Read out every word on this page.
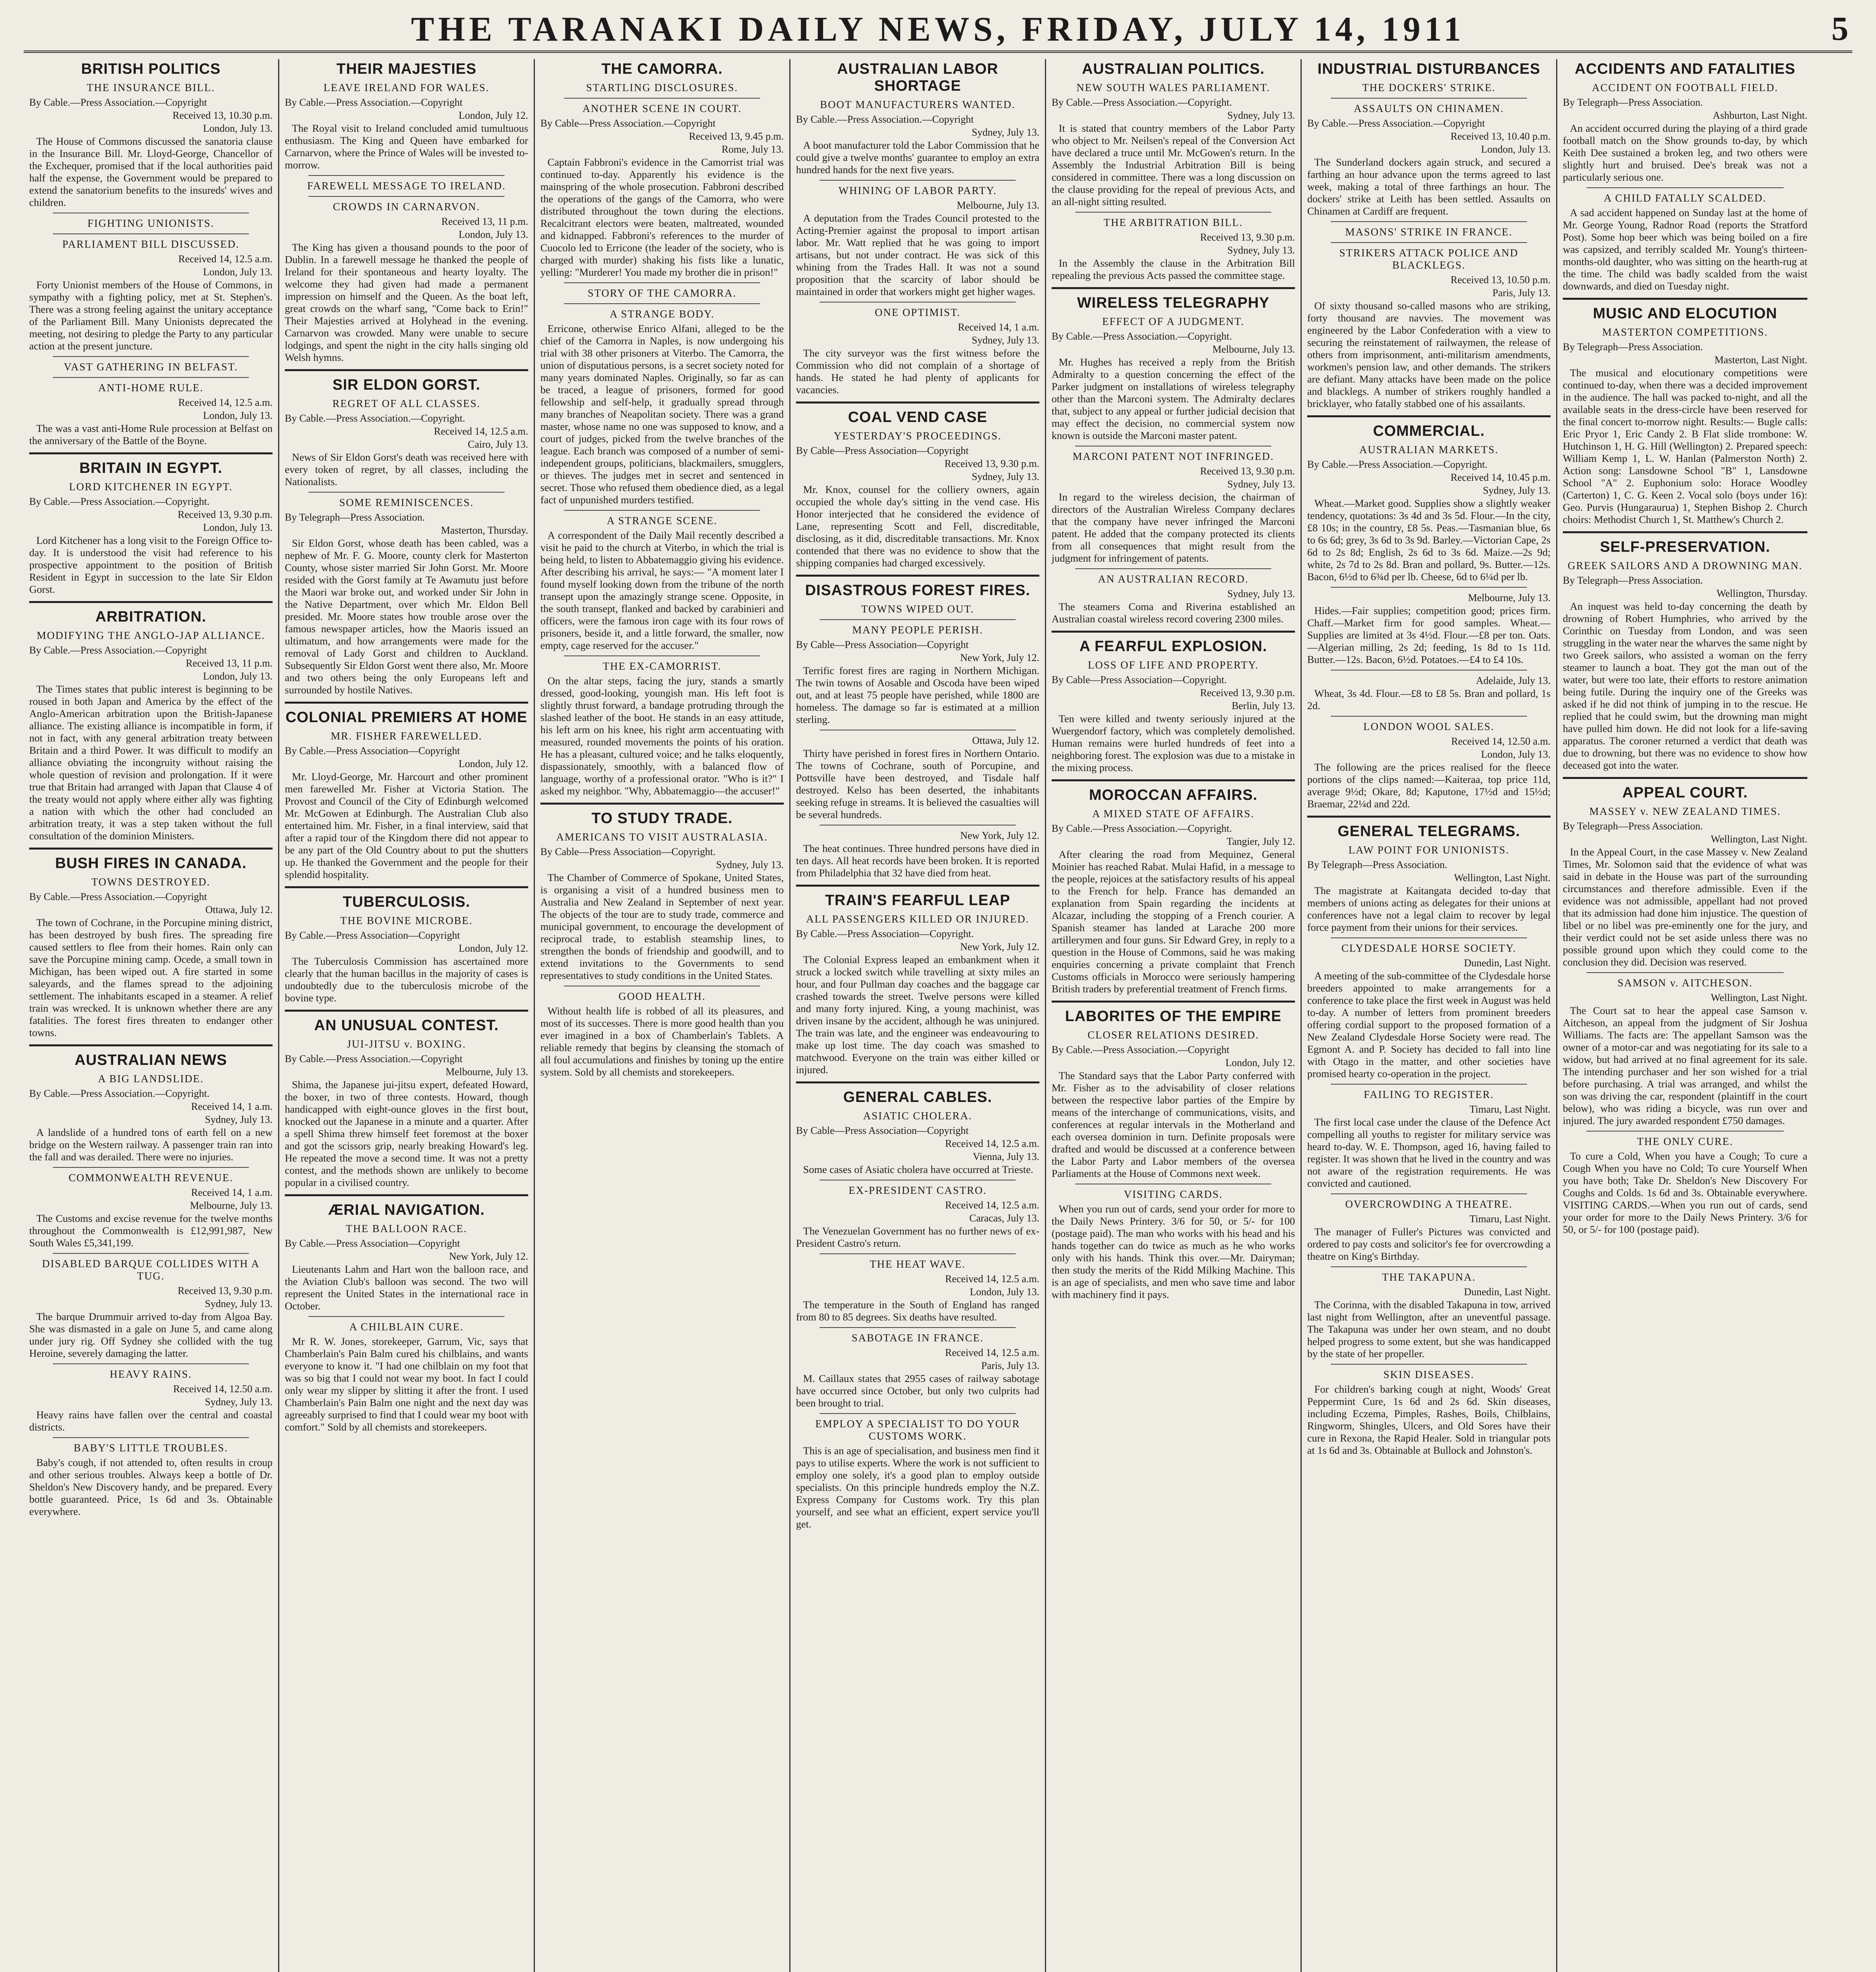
THE TARANAKI DAILY NEWS, FRIDAY, JULY 14, 1911	5
BRITISH POLITICS
THE INSURANCE BILL.
By Cable.—Press Association.—Copyright
Received 13, 10.30 p.m.
London, July 13.

The House of Commons discussed the sanatoria clause in the Insurance Bill. Mr. Lloyd-George, Chancellor of the Exchequer, promised that if the local authorities paid half the expense, the Government would be prepared to extend the sanatorium benefits to the insureds' wives and children.

FIGHTING UNIONISTS.
PARLIAMENT BILL DISCUSSED.
Received 14, 12.5 a.m.
London, July 13.

Forty Unionist members of the House of Commons, in sympathy with a fighting policy, met at St. Stephen's. There was a strong feeling against the unitary acceptance of the Parliament Bill. Many Unionists deprecated the meeting, not desiring to pledge the Party to any particular action at the present juncture.

VAST GATHERING IN BELFAST.
ANTI-HOME RULE.
Received 14, 12.5 a.m.
London, July 13.

The was a vast anti-Home Rule procession at Belfast on the anniversary of the Battle of the Boyne.

BRITAIN IN EGYPT.
LORD KITCHENER IN EGYPT.
By Cable.—Press Association.—Copyright.
Received 13, 9.30 p.m.
London, July 13.

Lord Kitchener has a long visit to the Foreign Office to-day. It is understood the visit had reference to his prospective appointment to the position of British Resident in Egypt in succession to the late Sir Eldon Gorst.

ARBITRATION.
MODIFYING THE ANGLO-JAP ALLIANCE.
By Cable.—Press Association.—Copyright
Received 13, 11 p.m.
London, July 13.

The Times states that public interest is beginning to be roused in both Japan and America by the effect of the Anglo-American arbitration upon the British-Japanese alliance. The existing alliance is incompatible in form, if not in fact, with any general arbitration treaty between Britain and a third Power. It was difficult to modify an alliance obviating the incongruity without raising the whole question of revision and prolongation. If it were true that Britain had arranged with Japan that Clause 4 of the treaty would not apply where either ally was fighting a nation with which the other had concluded an arbitration treaty, it was a step taken without the full consultation of the dominion Ministers.

BUSH FIRES IN CANADA.
TOWNS DESTROYED.
By Cable.—Press Association.—Copyright
Ottawa, July 12.

The town of Cochrane, in the Porcupine mining district, has been destroyed by bush fires. The spreading fire caused settlers to flee from their homes. Rain only can save the Porcupine mining camp. Ocede, a small town in Michigan, has been wiped out. A fire started in some saleyards, and the flames spread to the adjoining settlement. The inhabitants escaped in a steamer. A relief train was wrecked. It is unknown whether there are any fatalities. The forest fires threaten to endanger other towns.

AUSTRALIAN NEWS
A BIG LANDSLIDE.
By Cable.—Press Association.—Copyright.
Received 14, 1 a.m.
Sydney, July 13.

A landslide of a hundred tons of earth fell on a new bridge on the Western railway. A passenger train ran into the fall and was derailed. There were no injuries.

COMMONWEALTH REVENUE.
Received 14, 1 a.m.
Melbourne, July 13.

The Customs and excise revenue for the twelve months throughout the Commonwealth is £12,991,987, New South Wales £5,341,199.

DISABLED BARQUE COLLIDES WITH A TUG.
Received 13, 9.30 p.m.
Sydney, July 13.

The barque Drummuir arrived to-day from Algoa Bay. She was dismasted in a gale on June 5, and came along under jury rig. Off Sydney she collided with the tug Heroine, severely damaging the latter.

HEAVY RAINS.
Received 14, 12.50 a.m.
Sydney, July 13.

Heavy rains have fallen over the central and coastal districts.

BABY'S LITTLE TROUBLES.

Baby's cough, if not attended to, often results in croup and other serious troubles. Always keep a bottle of Dr. Sheldon's New Discovery handy, and be prepared. Every bottle guaranteed. Price, 1s 6d and 3s. Obtainable everywhere.

THEIR MAJESTIES
LEAVE IRELAND FOR WALES.
By Cable.—Press Association.—Copyright
London, July 12.

The Royal visit to Ireland concluded amid tumultuous enthusiasm. The King and Queen have embarked for Carnarvon, where the Prince of Wales will be invested to-morrow.

FAREWELL MESSAGE TO IRELAND.
CROWDS IN CARNARVON.
Received 13, 11 p.m.
London, July 13.

The King has given a thousand pounds to the poor of Dublin. In a farewell message he thanked the people of Ireland for their spontaneous and hearty loyalty. The welcome they had given had made a permanent impression on himself and the Queen. As the boat left, great crowds on the wharf sang, "Come back to Erin!" Their Majesties arrived at Holyhead in the evening. Carnarvon was crowded. Many were unable to secure lodgings, and spent the night in the city halls singing old Welsh hymns.

SIR ELDON GORST.
REGRET OF ALL CLASSES.
By Cable.—Press Association.—Copyright.
Received 14, 12.5 a.m.
Cairo, July 13.

News of Sir Eldon Gorst's death was received here with every token of regret, by all classes, including the Nationalists.

SOME REMINISCENCES.
By Telegraph—Press Association.
Masterton, Thursday.

Sir Eldon Gorst, whose death has been cabled, was a nephew of Mr. F. G. Moore, county clerk for Masterton County, whose sister married Sir John Gorst. Mr. Moore resided with the Gorst family at Te Awamutu just before the Maori war broke out, and worked under Sir John in the Native Department, over which Mr. Eldon Bell presided. Mr. Moore states how trouble arose over the famous newspaper articles, how the Maoris issued an ultimatum, and how arrangements were made for the removal of Lady Gorst and children to Auckland. Subsequently Sir Eldon Gorst went there also, Mr. Moore and two others being the only Europeans left and surrounded by hostile Natives.

COLONIAL PREMIERS AT HOME
MR. FISHER FAREWELLED.
By Cable.—Press Association—Copyright
London, July 12.

Mr. Lloyd-George, Mr. Harcourt and other prominent men farewelled Mr. Fisher at Victoria Station. The Provost and Council of the City of Edinburgh welcomed Mr. McGowen at Edinburgh. The Australian Club also entertained him. Mr. Fisher, in a final interview, said that after a rapid tour of the Kingdom there did not appear to be any part of the Old Country about to put the shutters up. He thanked the Government and the people for their splendid hospitality.

TUBERCULOSIS.
THE BOVINE MICROBE.
By Cable.—Press Association—Copyright
London, July 12.

The Tuberculosis Commission has ascertained more clearly that the human bacillus in the majority of cases is undoubtedly due to the tuberculosis microbe of the bovine type.

AN UNUSUAL CONTEST.
JUI-JITSU v. BOXING.
By Cable.—Press Association.—Copyright
Melbourne, July 13.

Shima, the Japanese jui-jitsu expert, defeated Howard, the boxer, in two of three contests. Howard, though handicapped with eight-ounce gloves in the first bout, knocked out the Japanese in a minute and a quarter. After a spell Shima threw himself feet foremost at the boxer and got the scissors grip, nearly breaking Howard's leg. He repeated the move a second time. It was not a pretty contest, and the methods shown are unlikely to become popular in a civilised country.

ÆRIAL NAVIGATION.
THE BALLOON RACE.
By Cable.—Press Association—Copyright
New York, July 12.

Lieutenants Lahm and Hart won the balloon race, and the Aviation Club's balloon was second. The two will represent the United States in the international race in October.

A CHILBLAIN CURE.

Mr R. W. Jones, storekeeper, Garrum, Vic, says that Chamberlain's Pain Balm cured his chilblains, and wants everyone to know it. "I had one chilblain on my foot that was so big that I could not wear my boot. In fact I could only wear my slipper by slitting it after the front. I used Chamberlain's Pain Balm one night and the next day was agreeably surprised to find that I could wear my boot with comfort." Sold by all chemists and storekeepers.

THE CAMORRA.
STARTLING DISCLOSURES.
ANOTHER SCENE IN COURT.
By Cable—Press Association.—Copyright
Received 13, 9.45 p.m.
Rome, July 13.

Captain Fabbroni's evidence in the Camorrist trial was continued to-day. Apparently his evidence is the mainspring of the whole prosecution. Fabbroni described the operations of the gangs of the Camorra, who were distributed throughout the town during the elections. Recalcitrant electors were beaten, maltreated, wounded and kidnapped. Fabbroni's references to the murder of Cuocolo led to Erricone (the leader of the society, who is charged with murder) shaking his fists like a lunatic, yelling: "Murderer! You made my brother die in prison!"

STORY OF THE CAMORRA.
A STRANGE BODY.

Erricone, otherwise Enrico Alfani, alleged to be the chief of the Camorra in Naples, is now undergoing his trial with 38 other prisoners at Viterbo. The Camorra, the union of disputatious persons, is a secret society noted for many years dominated Naples. Originally, so far as can be traced, a league of prisoners, formed for good fellowship and self-help, it gradually spread through many branches of Neapolitan society. There was a grand master, whose name no one was supposed to know, and a court of judges, picked from the twelve branches of the league. Each branch was composed of a number of semi-independent groups, politicians, blackmailers, smugglers, or thieves. The judges met in secret and sentenced in secret. Those who refused them obedience died, as a legal fact of unpunished murders testified.

A STRANGE SCENE.

A correspondent of the Daily Mail recently described a visit he paid to the church at Viterbo, in which the trial is being held, to listen to Abbatemaggio giving his evidence. After describing his arrival, he says:— "A moment later I found myself looking down from the tribune of the north transept upon the amazingly strange scene. Opposite, in the south transept, flanked and backed by carabinieri and officers, were the famous iron cage with its four rows of prisoners, beside it, and a little forward, the smaller, now empty, cage reserved for the accuser."

THE EX-CAMORRIST.

On the altar steps, facing the jury, stands a smartly dressed, good-looking, youngish man. His left foot is slightly thrust forward, a bandage protruding through the slashed leather of the boot. He stands in an easy attitude, his left arm on his knee, his right arm accentuating with measured, rounded movements the points of his oration. He has a pleasant, cultured voice; and he talks eloquently, dispassionately, smoothly, with a balanced flow of language, worthy of a professional orator. "Who is it?" I asked my neighbor. "Why, Abbatemaggio—the accuser!"

TO STUDY TRADE.
AMERICANS TO VISIT AUSTRALASIA.
By Cable—Press Association—Copyright.
Sydney, July 13.

The Chamber of Commerce of Spokane, United States, is organising a visit of a hundred business men to Australia and New Zealand in September of next year. The objects of the tour are to study trade, commerce and municipal government, to encourage the development of reciprocal trade, to establish steamship lines, to strengthen the bonds of friendship and goodwill, and to extend invitations to the Governments to send representatives to study conditions in the United States.

GOOD HEALTH.

Without health life is robbed of all its pleasures, and most of its successes. There is more good health than you ever imagined in a box of Chamberlain's Tablets. A reliable remedy that begins by cleansing the stomach of all foul accumulations and finishes by toning up the entire system. Sold by all chemists and storekeepers.

AUSTRALIAN LABOR SHORTAGE
BOOT MANUFACTURERS WANTED.
By Cable.—Press Association.—Copyright
Sydney, July 13.

A boot manufacturer told the Labor Commission that he could give a twelve months' guarantee to employ an extra hundred hands for the next five years.

WHINING OF LABOR PARTY.
Melbourne, July 13.

A deputation from the Trades Council protested to the Acting-Premier against the proposal to import artisan labor. Mr. Watt replied that he was going to import artisans, but not under contract. He was sick of this whining from the Trades Hall. It was not a sound proposition that the scarcity of labor should be maintained in order that workers might get higher wages.

ONE OPTIMIST.
Received 14, 1 a.m.
Sydney, July 13.

The city surveyor was the first witness before the Commission who did not complain of a shortage of hands. He stated he had plenty of applicants for vacancies.

COAL VEND CASE
YESTERDAY'S PROCEEDINGS.
By Cable—Press Association—Copyright
Received 13, 9.30 p.m.
Sydney, July 13.

Mr. Knox, counsel for the colliery owners, again occupied the whole day's sitting in the vend case. His Honor interjected that he considered the evidence of Lane, representing Scott and Fell, discreditable, disclosing, as it did, discreditable transactions. Mr. Knox contended that there was no evidence to show that the shipping companies had charged excessively.

DISASTROUS FOREST FIRES.
TOWNS WIPED OUT.
MANY PEOPLE PERISH.
By Cable—Press Association—Copyright
New York, July 12.

Terrific forest fires are raging in Northern Michigan. The twin towns of Aosable and Oscoda have been wiped out, and at least 75 people have perished, while 1800 are homeless. The damage so far is estimated at a million sterling.

Ottawa, July 12.

Thirty have perished in forest fires in Northern Ontario. The towns of Cochrane, south of Porcupine, and Pottsville have been destroyed, and Tisdale half destroyed. Kelso has been deserted, the inhabitants seeking refuge in streams. It is believed the casualties will be several hundreds.

New York, July 12.

The heat continues. Three hundred persons have died in ten days. All heat records have been broken. It is reported from Philadelphia that 32 have died from heat.

TRAIN'S FEARFUL LEAP
ALL PASSENGERS KILLED OR INJURED.
By Cable.—Press Association—Copyright.
New York, July 12.

The Colonial Express leaped an embankment when it struck a locked switch while travelling at sixty miles an hour, and four Pullman day coaches and the baggage car crashed towards the street. Twelve persons were killed and many forty injured. King, a young machinist, was driven insane by the accident, although he was uninjured. The train was late, and the engineer was endeavouring to make up lost time. The day coach was smashed to matchwood. Everyone on the train was either killed or injured.

GENERAL CABLES.
ASIATIC CHOLERA.
By Cable—Press Association—Copyright
Received 14, 12.5 a.m.
Vienna, July 13.

Some cases of Asiatic cholera have occurred at Trieste.

EX-PRESIDENT CASTRO.
Received 14, 12.5 a.m.
Caracas, July 13.

The Venezuelan Government has no further news of ex-President Castro's return.

THE HEAT WAVE.
Received 14, 12.5 a.m.
London, July 13.

The temperature in the South of England has ranged from 80 to 85 degrees. Six deaths have resulted.

SABOTAGE IN FRANCE.
Received 14, 12.5 a.m.
Paris, July 13.

M. Caillaux states that 2955 cases of railway sabotage have occurred since October, but only two culprits had been brought to trial.

EMPLOY A SPECIALIST TO DO YOUR CUSTOMS WORK.

This is an age of specialisation, and business men find it pays to utilise experts. Where the work is not sufficient to employ one solely, it's a good plan to employ outside specialists. On this principle hundreds employ the N.Z. Express Company for Customs work. Try this plan yourself, and see what an efficient, expert service you'll get.

AUSTRALIAN POLITICS.
NEW SOUTH WALES PARLIAMENT.
By Cable.—Press Association.—Copyright.
Sydney, July 13.

It is stated that country members of the Labor Party who object to Mr. Neilsen's repeal of the Conversion Act have declared a truce until Mr. McGowen's return. In the Assembly the Industrial Arbitration Bill is being considered in committee. There was a long discussion on the clause providing for the repeal of previous Acts, and an all-night sitting resulted.

THE ARBITRATION BILL.
Received 13, 9.30 p.m.
Sydney, July 13.

In the Assembly the clause in the Arbitration Bill repealing the previous Acts passed the committee stage.

WIRELESS TELEGRAPHY
EFFECT OF A JUDGMENT.
By Cable.—Press Association.—Copyright.
Melbourne, July 13.

Mr. Hughes has received a reply from the British Admiralty to a question concerning the effect of the Parker judgment on installations of wireless telegraphy other than the Marconi system. The Admiralty declares that, subject to any appeal or further judicial decision that may effect the decision, no commercial system now known is outside the Marconi master patent.

MARCONI PATENT NOT INFRINGED.
Received 13, 9.30 p.m.
Sydney, July 13.

In regard to the wireless decision, the chairman of directors of the Australian Wireless Company declares that the company have never infringed the Marconi patent. He added that the company protected its clients from all consequences that might result from the judgment for infringement of patents.

AN AUSTRALIAN RECORD.
Sydney, July 13.

The steamers Coma and Riverina established an Australian coastal wireless record covering 2300 miles.

A FEARFUL EXPLOSION.
LOSS OF LIFE AND PROPERTY.
By Cable—Press Association—Copyright.
Received 13, 9.30 p.m.
Berlin, July 13.

Ten were killed and twenty seriously injured at the Wuergendorf factory, which was completely demolished. Human remains were hurled hundreds of feet into a neighboring forest. The explosion was due to a mistake in the mixing process.

MOROCCAN AFFAIRS.
A MIXED STATE OF AFFAIRS.
By Cable.—Press Association.—Copyright.
Tangier, July 12.

After clearing the road from Mequinez, General Moinier has reached Rabat. Mulai Hafid, in a message to the people, rejoices at the satisfactory results of his appeal to the French for help. France has demanded an explanation from Spain regarding the incidents at Alcazar, including the stopping of a French courier. A Spanish steamer has landed at Larache 200 more artillerymen and four guns. Sir Edward Grey, in reply to a question in the House of Commons, said he was making enquiries concerning a private complaint that French Customs officials in Morocco were seriously hampering British traders by preferential treatment of French firms.

LABORITES OF THE EMPIRE
CLOSER RELATIONS DESIRED.
By Cable.—Press Association.—Copyright
London, July 12.

The Standard says that the Labor Party conferred with Mr. Fisher as to the advisability of closer relations between the respective labor parties of the Empire by means of the interchange of communications, visits, and conferences at regular intervals in the Motherland and each oversea dominion in turn. Definite proposals were drafted and would be discussed at a conference between the Labor Party and Labor members of the oversea Parliaments at the House of Commons next week.

VISITING CARDS.

When you run out of cards, send your order for more to the Daily News Printery. 3/6 for 50, or 5/- for 100 (postage paid). The man who works with his head and his hands together can do twice as much as he who works only with his hands. Think this over.—Mr. Dairyman; then study the merits of the Ridd Milking Machine. This is an age of specialists, and men who save time and labor with machinery find it pays.

INDUSTRIAL DISTURBANCES
THE DOCKERS' STRIKE.
ASSAULTS ON CHINAMEN.
By Cable.—Press Association.—Copyright
Received 13, 10.40 p.m.
London, July 13.

The Sunderland dockers again struck, and secured a farthing an hour advance upon the terms agreed to last week, making a total of three farthings an hour. The dockers' strike at Leith has been settled. Assaults on Chinamen at Cardiff are frequent.

MASONS' STRIKE IN FRANCE.
STRIKERS ATTACK POLICE AND BLACKLEGS.
Received 13, 10.50 p.m.
Paris, July 13.

Of sixty thousand so-called masons who are striking, forty thousand are navvies. The movement was engineered by the Labor Confederation with a view to securing the reinstatement of railwaymen, the release of others from imprisonment, anti-militarism amendments, workmen's pension law, and other demands. The strikers are defiant. Many attacks have been made on the police and blacklegs. A number of strikers roughly handled a bricklayer, who fatally stabbed one of his assailants.

COMMERCIAL.
AUSTRALIAN MARKETS.
By Cable.—Press Association.—Copyright.
Received 14, 10.45 p.m.
Sydney, July 13.

Wheat.—Market good. Supplies show a slightly weaker tendency, quotations: 3s 4d and 3s 5d. Flour.—In the city, £8 10s; in the country, £8 5s. Peas.—Tasmanian blue, 6s to 6s 6d; grey, 3s 6d to 3s 9d. Barley.—Victorian Cape, 2s 6d to 2s 8d; English, 2s 6d to 3s 6d. Maize.—2s 9d; white, 2s 7d to 2s 8d. Bran and pollard, 9s. Butter.—12s. Bacon, 6½d to 6¾d per lb. Cheese, 6d to 6¼d per lb.

Melbourne, July 13.

Hides.—Fair supplies; competition good; prices firm. Chaff.—Market firm for good samples. Wheat.—Supplies are limited at 3s 4½d. Flour.—£8 per ton. Oats.—Algerian milling, 2s 2d; feeding, 1s 8d to 1s 11d. Butter.—12s. Bacon, 6½d. Potatoes.—£4 to £4 10s.

Adelaide, July 13.

Wheat, 3s 4d. Flour.—£8 to £8 5s. Bran and pollard, 1s 2d.

LONDON WOOL SALES.
Received 14, 12.50 a.m.
London, July 13.

The following are the prices realised for the fleece portions of the clips named:—Kaiteraa, top price 11d, average 9½d; Okare, 8d; Kaputone, 17½d and 15½d; Braemar, 22¼d and 22d.

GENERAL TELEGRAMS.
LAW POINT FOR UNIONISTS.
By Telegraph—Press Association.
Wellington, Last Night.

The magistrate at Kaitangata decided to-day that members of unions acting as delegates for their unions at conferences have not a legal claim to recover by legal force payment from their unions for their services.

CLYDESDALE HORSE SOCIETY.
Dunedin, Last Night.

A meeting of the sub-committee of the Clydesdale horse breeders appointed to make arrangements for a conference to take place the first week in August was held to-day. A number of letters from prominent breeders offering cordial support to the proposed formation of a New Zealand Clydesdale Horse Society were read. The Egmont A. and P. Society has decided to fall into line with Otago in the matter, and other societies have promised hearty co-operation in the project.

FAILING TO REGISTER.
Timaru, Last Night.

The first local case under the clause of the Defence Act compelling all youths to register for military service was heard to-day. W. E. Thompson, aged 16, having failed to register. It was shown that he lived in the country and was not aware of the registration requirements. He was convicted and cautioned.

OVERCROWDING A THEATRE.
Timaru, Last Night.

The manager of Fuller's Pictures was convicted and ordered to pay costs and solicitor's fee for overcrowding a theatre on King's Birthday.

THE TAKAPUNA.
Dunedin, Last Night.

The Corinna, with the disabled Takapuna in tow, arrived last night from Wellington, after an uneventful passage. The Takapuna was under her own steam, and no doubt helped progress to some extent, but she was handicapped by the state of her propeller.

SKIN DISEASES.

For children's barking cough at night, Woods' Great Peppermint Cure, 1s 6d and 2s 6d. Skin diseases, including Eczema, Pimples, Rashes, Boils, Chilblains, Ringworm, Shingles, Ulcers, and Old Sores have their cure in Rexona, the Rapid Healer. Sold in triangular pots at 1s 6d and 3s. Obtainable at Bullock and Johnston's.

ACCIDENTS AND FATALITIES
ACCIDENT ON FOOTBALL FIELD.
By Telegraph—Press Association.
Ashburton, Last Night.

An accident occurred during the playing of a third grade football match on the Show grounds to-day, by which Keith Dee sustained a broken leg, and two others were slightly hurt and bruised. Dee's break was not a particularly serious one.

A CHILD FATALLY SCALDED.

A sad accident happened on Sunday last at the home of Mr. George Young, Radnor Road (reports the Stratford Post). Some hop beer which was being boiled on a fire was capsized, and terribly scalded Mr. Young's thirteen-months-old daughter, who was sitting on the hearth-rug at the time. The child was badly scalded from the waist downwards, and died on Tuesday night.

MUSIC AND ELOCUTION
MASTERTON COMPETITIONS.
By Telegraph—Press Association.
Masterton, Last Night.

The musical and elocutionary competitions were continued to-day, when there was a decided improvement in the audience. The hall was packed to-night, and all the available seats in the dress-circle have been reserved for the final concert to-morrow night. Results:— Bugle calls: Eric Pryor 1, Eric Candy 2. B Flat slide trombone: W. Hutchinson 1, H. G. Hill (Wellington) 2. Prepared speech: William Kemp 1, L. W. Hanlan (Palmerston North) 2. Action song: Lansdowne School "B" 1, Lansdowne School "A" 2. Euphonium solo: Horace Woodley (Carterton) 1, C. G. Keen 2. Vocal solo (boys under 16): Geo. Purvis (Hungaraurua) 1, Stephen Bishop 2. Church choirs: Methodist Church 1, St. Matthew's Church 2.

SELF-PRESERVATION.
GREEK SAILORS AND A DROWNING MAN.
By Telegraph—Press Association.
Wellington, Thursday.

An inquest was held to-day concerning the death by drowning of Robert Humphries, who arrived by the Corinthic on Tuesday from London, and was seen struggling in the water near the wharves the same night by two Greek sailors, who assisted a woman on the ferry steamer to launch a boat. They got the man out of the water, but were too late, their efforts to restore animation being futile. During the inquiry one of the Greeks was asked if he did not think of jumping in to the rescue. He replied that he could swim, but the drowning man might have pulled him down. He did not look for a life-saving apparatus. The coroner returned a verdict that death was due to drowning, but there was no evidence to show how deceased got into the water.

APPEAL COURT.
MASSEY v. NEW ZEALAND TIMES.
By Telegraph—Press Association.
Wellington, Last Night.

In the Appeal Court, in the case Massey v. New Zealand Times, Mr. Solomon said that the evidence of what was said in debate in the House was part of the surrounding circumstances and therefore admissible. Even if the evidence was not admissible, appellant had not proved that its admission had done him injustice. The question of libel or no libel was pre-eminently one for the jury, and their verdict could not be set aside unless there was no possible ground upon which they could come to the conclusion they did. Decision was reserved.

SAMSON v. AITCHESON.
Wellington, Last Night.

The Court sat to hear the appeal case Samson v. Aitcheson, an appeal from the judgment of Sir Joshua Williams. The facts are: The appellant Samson was the owner of a motor-car and was negotiating for its sale to a widow, but had arrived at no final agreement for its sale. The intending purchaser and her son wished for a trial before purchasing. A trial was arranged, and whilst the son was driving the car, respondent (plaintiff in the court below), who was riding a bicycle, was run over and injured. The jury awarded respondent £750 damages.

THE ONLY CURE.

To cure a Cold, When you have a Cough; To cure a Cough When you have no Cold; To cure Yourself When you have both; Take Dr. Sheldon's New Discovery For Coughs and Colds. 1s 6d and 3s. Obtainable everywhere. VISITING CARDS.—When you run out of cards, send your order for more to the Daily News Printery. 3/6 for 50, or 5/- for 100 (postage paid).
